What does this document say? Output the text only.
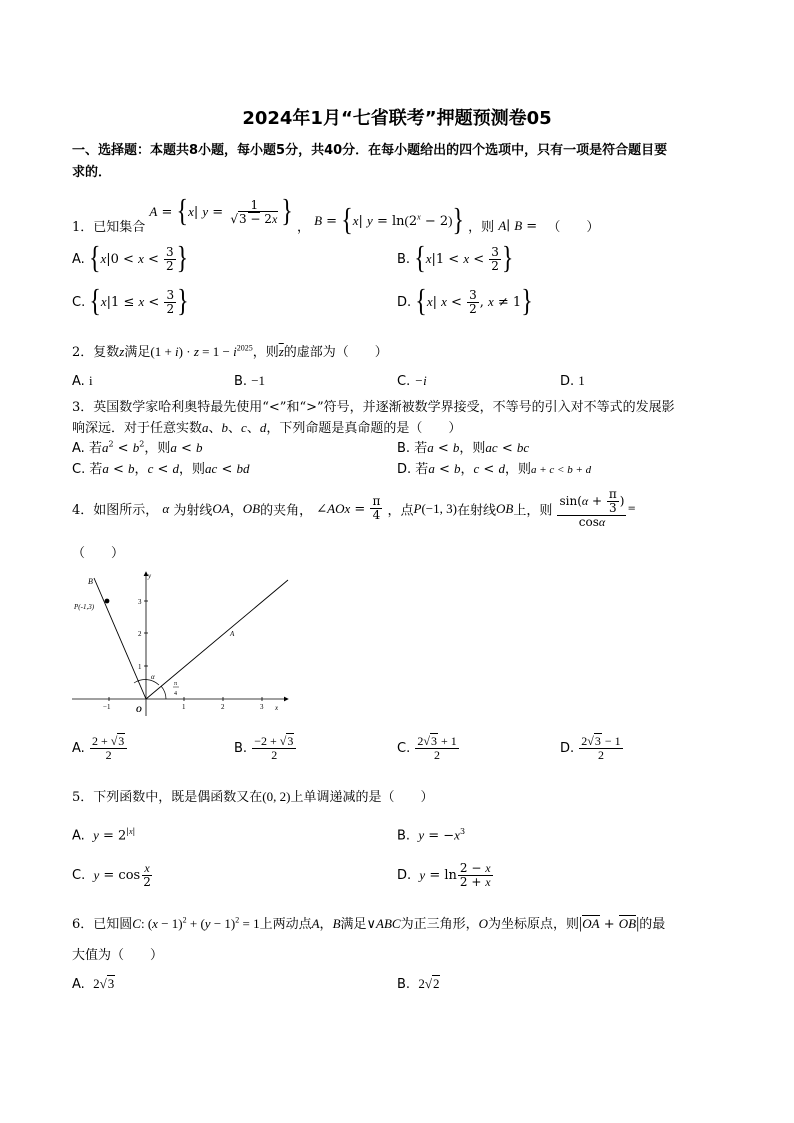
2024年1月“七省联考”押题预测卷05
一、选择题：本题共8小题，每小题5分，共40分．在每小题给出的四个选项中，只有一项是符合题目要
求的．
1．已知集合 A = {x| $y = \frac{1}{√3 - 2x}$ } ， B = {x| $y = \ln(2^x - 2)$} ，则 A∣ B = （　　）
A. {$x|0 < x < \frac{3}{2}$ }	B. {$x|1 < x < \frac{3}{2}$ }
C. {$x|1 \le x < \frac{3}{2}$ }	D. {x| $x < \frac{3}{2}$ , x ≠ 1}
2．复数z满足$(1 + i) \cdot z = 1 - i^{2025}$，则$\overline{z}$的虚部为（　　）
A. i	B. −1	C. −i	D. 1
3．英国数学家哈利奥特最先使用“<”和“>”符号，并逐渐被数学界接受，不等号的引入对不等式的发展影
响深远．对于任意实数a、b、c、d，下列命题是真命题的是（　　）
A. 若$a^2 < b^2$，则a < b	B. 若a < b，则ac < bc
C. 若a < b，c < d，则ac < bd	D. 若a < b，c < d，则a + c < b + d
4．如图所示， α 为射线OA，OB的夹角， ∠AOx = $\frac{\pi}{4}$ ，点P(−1, 3)在射线OB上，则 $\frac{\sin(\alpha + \frac{\pi}{3} )}{\cos\alpha}$ =
（　　）
B
P(-1,3)
O
A
x
y
α
π
4
−1	1	2	3
1
2
3
A. $\frac{2 + √3}{2}$	B. $\frac{-2 + √3}{2}$	C. $\frac{2√3 + 1}{2}$	D. $\frac{2√3 - 1}{2}$
5．下列函数中，既是偶函数又在(0, 2)上单调递减的是（　　）
A. $y = 2^{|x|}$	B. $y = -x^3$
C. $y = \cos \frac{x}{2}$	D. $y = \ln \frac{2 - x}{2 + x}$
6．已知圆C: $(x - 1)^2 + (y - 1)^2 = 1$上两动点A，B满足∨ABC为正三角形，O为坐标原点，则|OA + OB|的最
大值为（　　）
A. 2√3	B. 2√2
